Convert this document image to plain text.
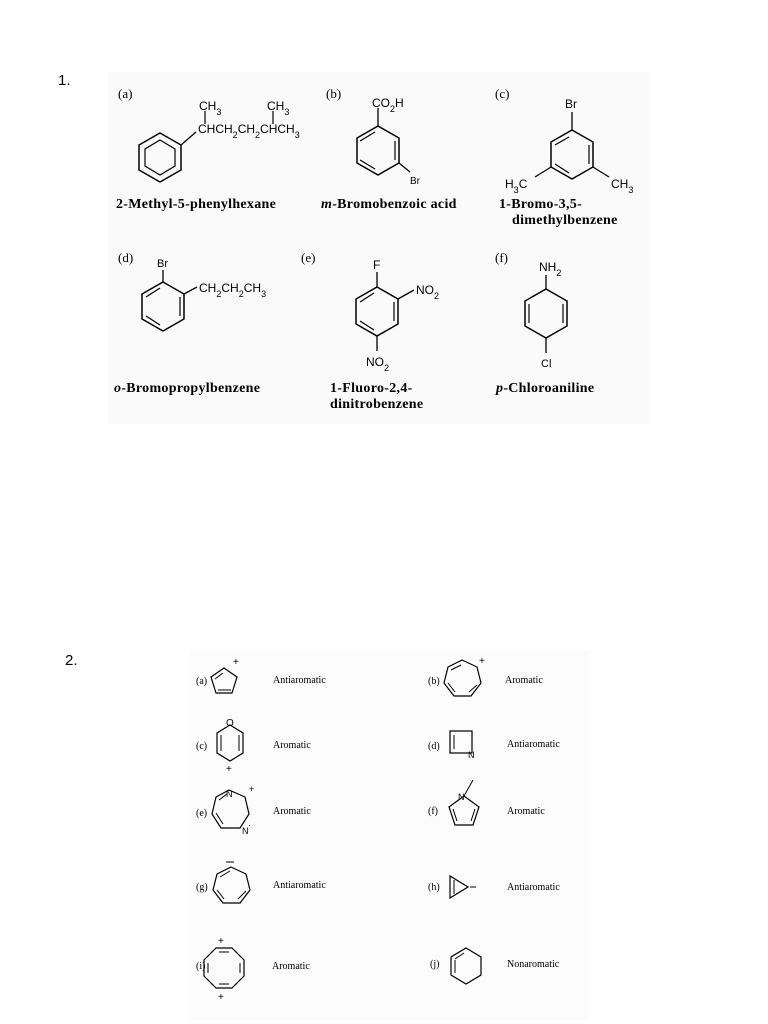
1.
(a)
$CH_3$	$CH_3$
$CHCH_2CH_2CHCH_3$
2-Methyl-5-phenylhexane
(b)
$CO_2H$
Br
m-Bromobenzoic acid
(c)
Br
$H_3C$	$CH_3$
1-Bromo-3,5-
dimethylbenzene
(d) Br
$CH_2CH_2CH_3$
o-Bromopropylbenzene
(e)	F
$NO_2$
$NO_2$
1-Fluoro-2,4-
dinitrobenzene
(f)
$NH_2$
Cl
p-Chloroaniline
2.
(a)
+
Antiaromatic	(b)
+
Aromatic
(c)
O
+
Aromatic	(d)
N
Antiaromatic
(e)
N
N
·
+
Aromatic	(f)
N
Aromatic
(g)	Antiaromatic	(h)	Antiaromatic
(i)
+
+
Aromatic	(j)	Nonaromatic
